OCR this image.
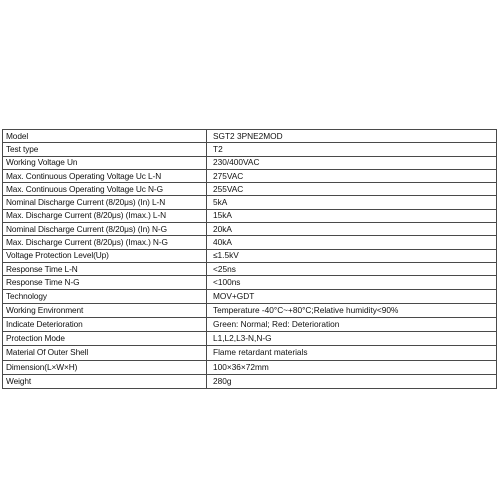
Model	SGT2 3PNE2MOD
Test type	T2
Working Voltage Un	230/400VAC
Max. Continuous Operating Voltage Uc L-N	275VAC
Max. Continuous Operating Voltage Uc N-G	255VAC
Nominal Discharge Current (8/20μs) (In) L-N	5kA
Max. Discharge Current (8/20μs) (Imax.) L-N	15kA
Nominal Discharge Current (8/20μs) (In) N-G	20kA
Max. Discharge Current (8/20μs) (Imax.) N-G	40kA
Voltage Protection Level(Up)	≤1.5kV
Response Time L-N	<25ns
Response Time N-G	<100ns
Technology	MOV+GDT
Working Environment	Temperature -40°C~+80°C;Relative humidity<90%
Indicate Deterioration	Green: Normal; Red: Deterioration
Protection Mode	L1,L2,L3-N,N-G
Material Of Outer Shell	Flame retardant materials
Dimension(L×W×H)	100×36×72mm
Weight	280g
